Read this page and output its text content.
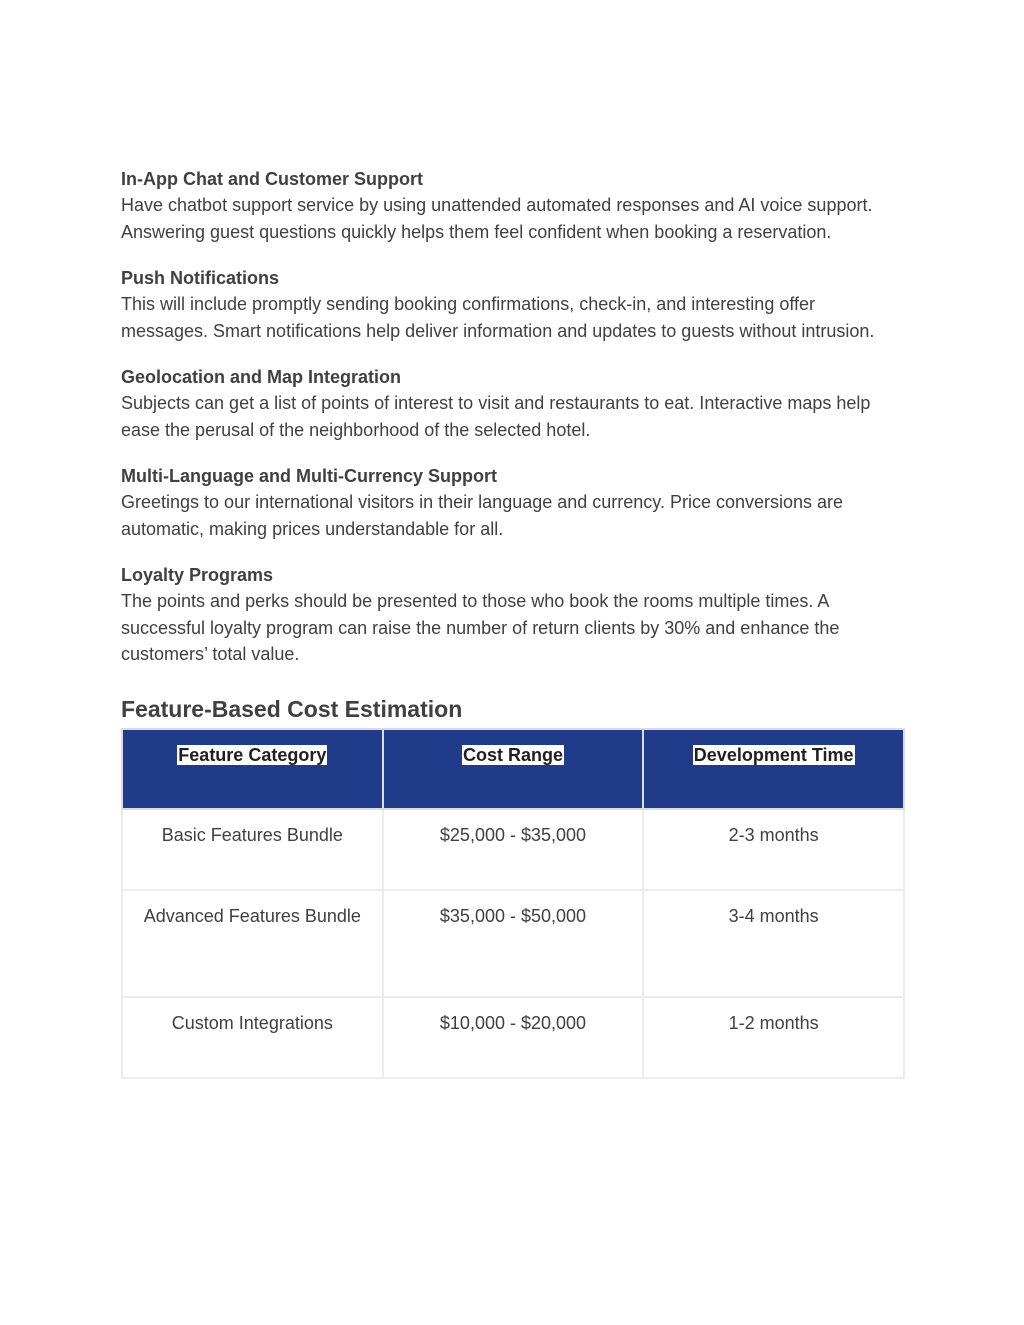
In-App Chat and Customer Support

Have chatbot support service by using unattended automated responses and AI voice support. Answering guest questions quickly helps them feel confident when booking a reservation.

Push Notifications

This will include promptly sending booking confirmations, check-in, and interesting offer messages. Smart notifications help deliver information and updates to guests without intrusion.

Geolocation and Map Integration

Subjects can get a list of points of interest to visit and restaurants to eat. Interactive maps help ease the perusal of the neighborhood of the selected hotel.

Multi-Language and Multi-Currency Support

Greetings to our international visitors in their language and currency. Price conversions are automatic, making prices understandable for all.

Loyalty Programs

The points and perks should be presented to those who book the rooms multiple times. A successful loyalty program can raise the number of return clients by 30% and enhance the customers’ total value.

Feature-Based Cost Estimation
Feature Category	Cost Range	Development Time
Basic Features Bundle	$25,000 - $35,000	2-3 months
Advanced Features Bundle	$35,000 - $50,000	3-4 months
Custom Integrations	$10,000 - $20,000	1-2 months
